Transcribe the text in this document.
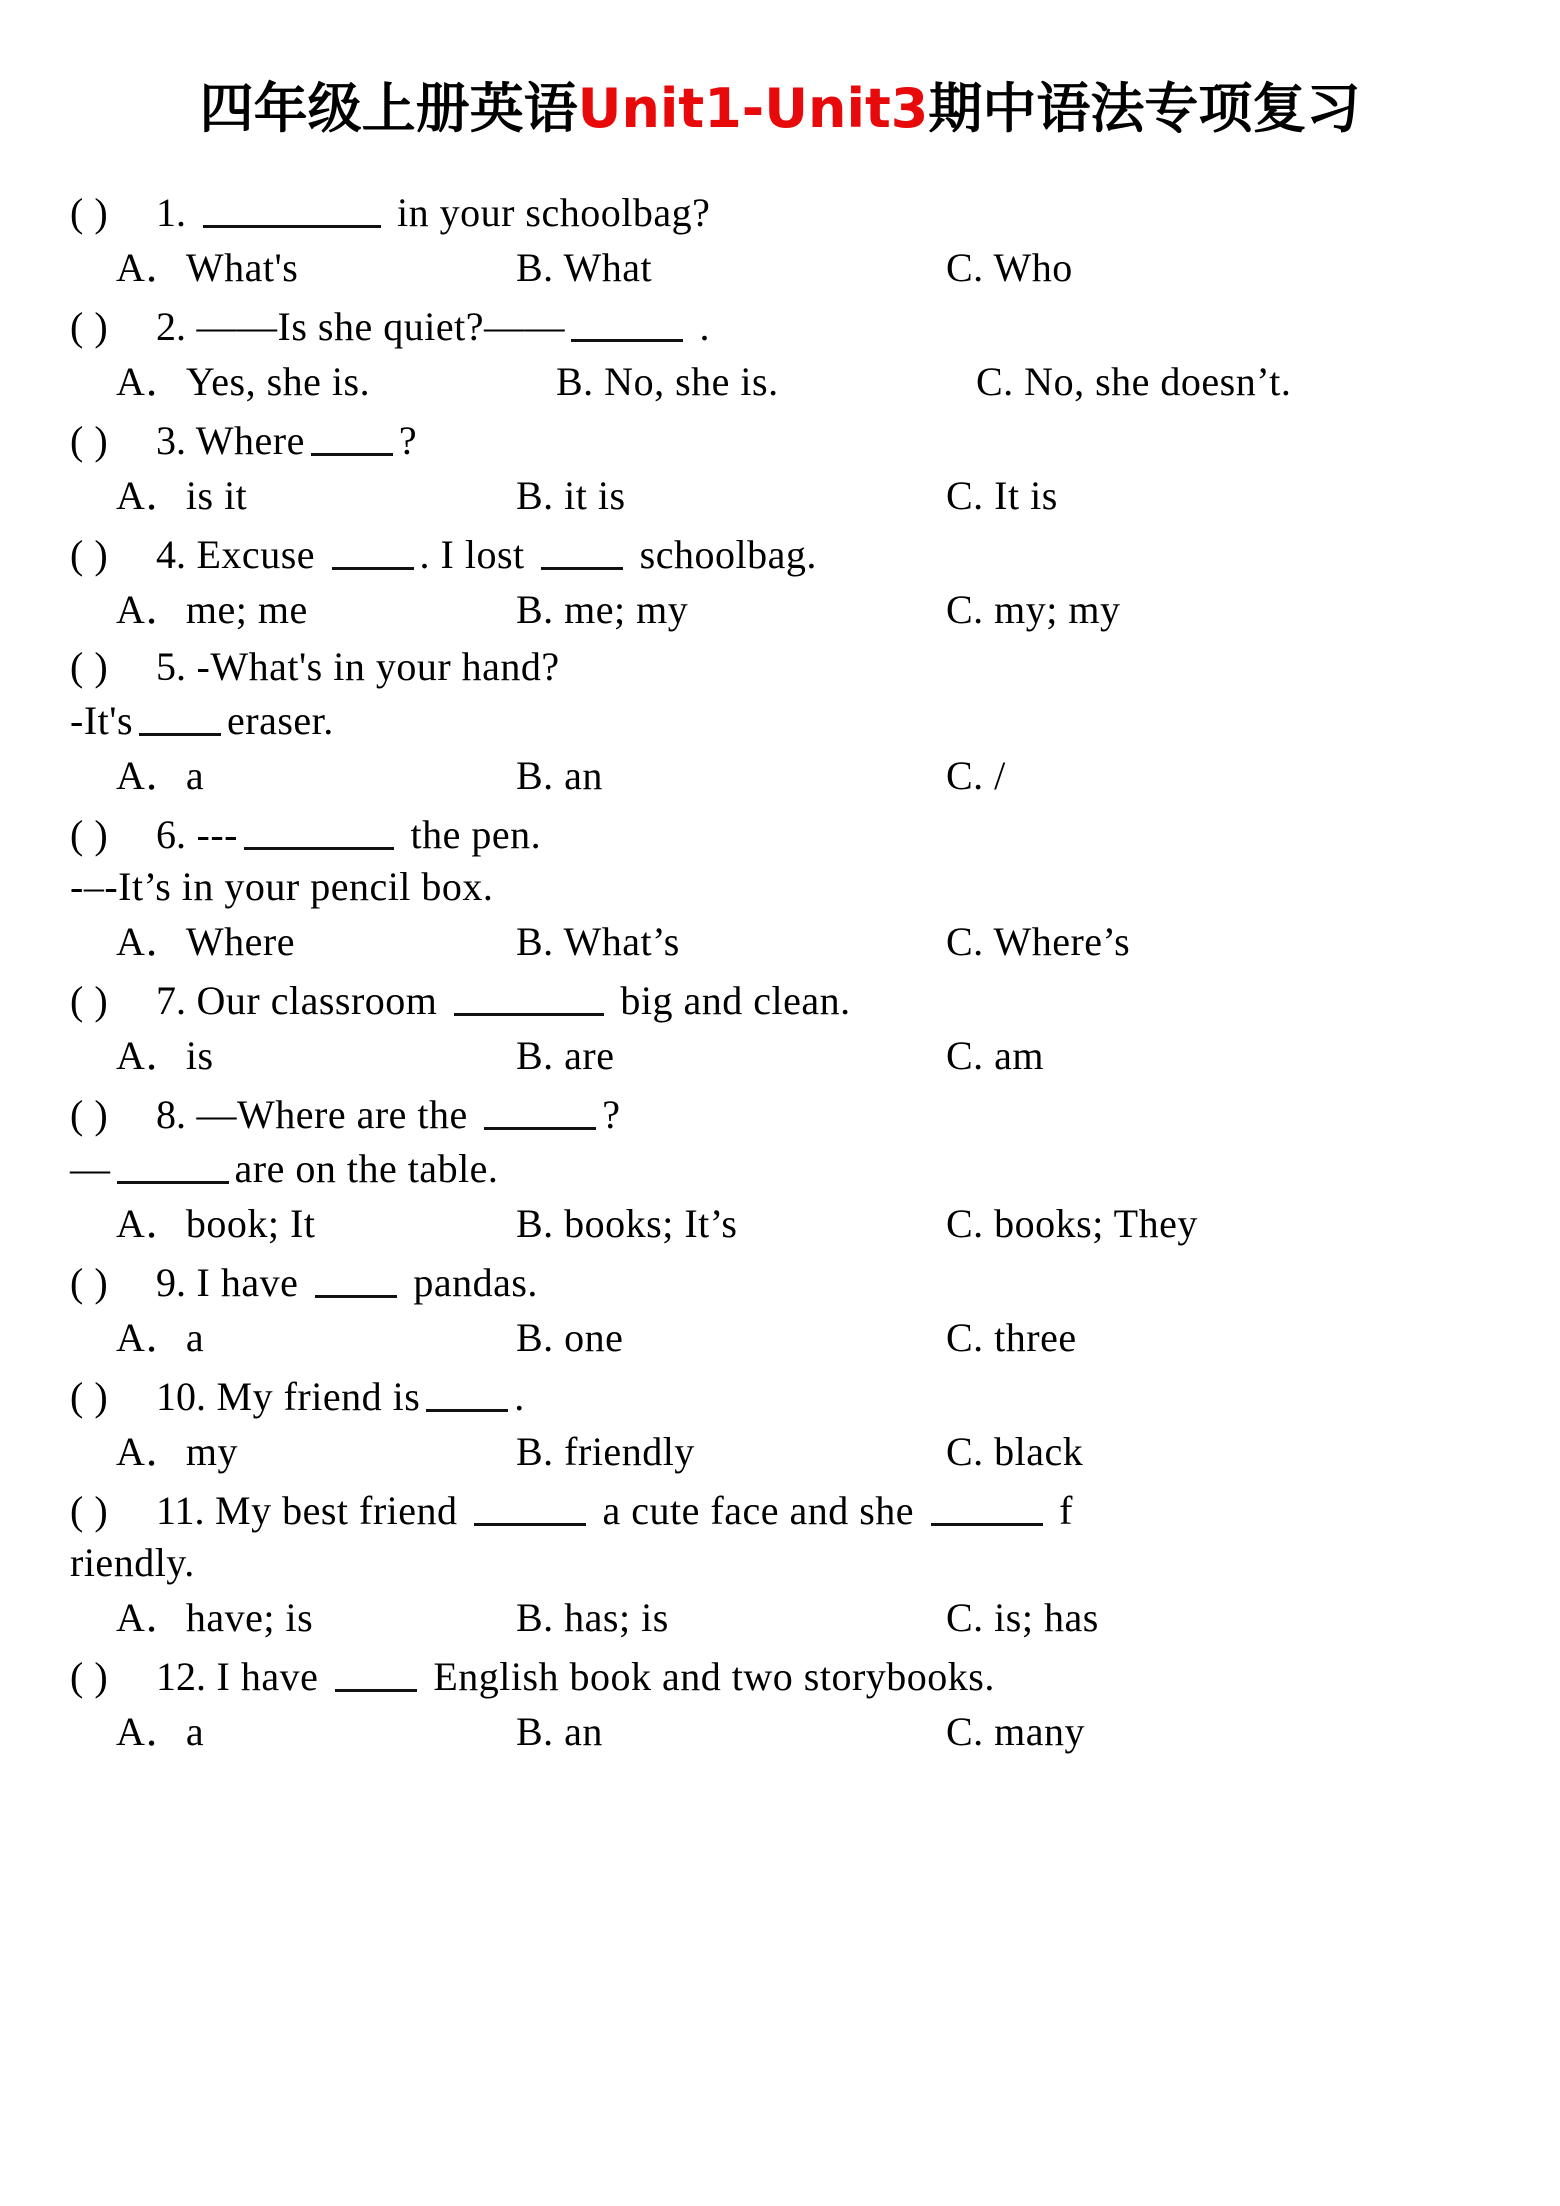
四年级上册英语Unit1-Unit3期中语法专项复习
( ) 1.	in your schoolbag?
A．What's	B. What	C. Who
( ) 2. ——Is she quiet?——	.
A．Yes, she is.	B. No, she is.	C. No, she doesn’t.
( ) 3. Where ?
A．is it	B. it is	C. It is
( ) 4. Excuse . I lost  schoolbag.
A．me; me	B. me; my	C. my; my
( ) 5. -What's in your hand?
-It's eraser.
A．a	B. an	C. /
( ) 6. ---	the pen.
-–-It’s in your pencil box.
A．Where	B. What’s	C. Where’s
( ) 7. Our classroom	big and clean.
A．is	B. are	C. am
( ) 8. —Where are the	?
—	are on the table.
A．book; It	B. books; It’s	C. books; They
( ) 9. I have  pandas.
A．a	B. one	C. three
( ) 10. My friend is .
A．my	B. friendly	C. black
( ) 11. My best friend	a cute face and she	f
riendly.
A．have; is	B. has; is	C. is; has
( ) 12. I have  English book and two storybooks.
A．a	B. an	C. many
